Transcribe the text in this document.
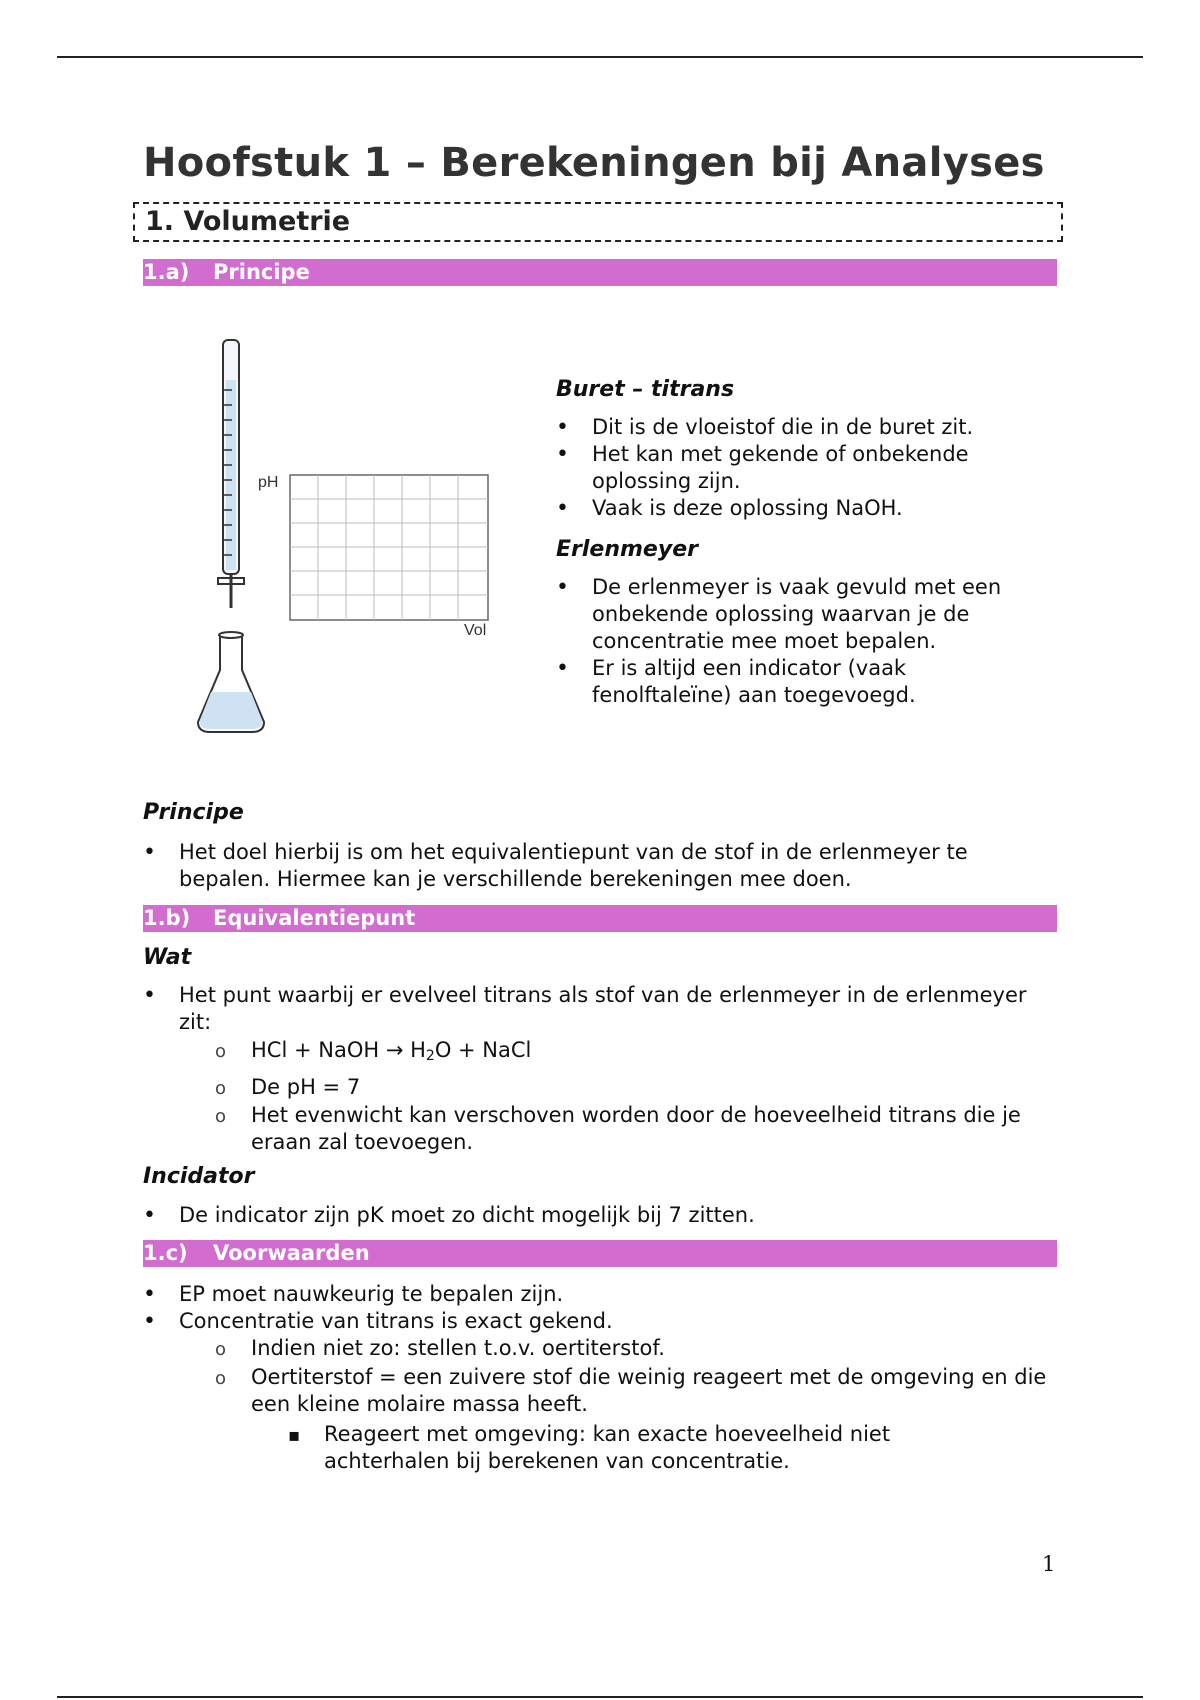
Hoofstuk 1 – Berekeningen bij Analyses
1. Volumetrie
1.a) Principe
pH
Vol
Buret – titrans
•
Dit is de vloeistof die in de buret zit.
•
Het kan met gekende of onbekende oplossing zijn.
•
Vaak is deze oplossing NaOH.
Erlenmeyer
•
De erlenmeyer is vaak gevuld met een onbekende oplossing waarvan je de concentratie mee moet bepalen.
•
Er is altijd een indicator (vaak fenolftaleïne) aan toegevoegd.
Principe
•
Het doel hierbij is om het equivalentiepunt van de stof in de erlenmeyer te bepalen. Hiermee kan je verschillende berekeningen mee doen.
1.b) Equivalentiepunt
Wat
•
Het punt waarbij er evelveel titrans als stof van de erlenmeyer in de erlenmeyer zit:
o
HCl + NaOH → H2O + NaCl
o
De pH = 7
o
Het evenwicht kan verschoven worden door de hoeveelheid titrans die je eraan zal toevoegen.
Incidator
•
De indicator zijn pK moet zo dicht mogelijk bij 7 zitten.
1.c) Voorwaarden
•
EP moet nauwkeurig te bepalen zijn.
•
Concentratie van titrans is exact gekend.
o
Indien niet zo: stellen t.o.v. oertiterstof.
o
Oertiterstof = een zuivere stof die weinig reageert met de omgeving en die een kleine molaire massa heeft.
▪
Reageert met omgeving: kan exacte hoeveelheid niet achterhalen bij berekenen van concentratie.
1
